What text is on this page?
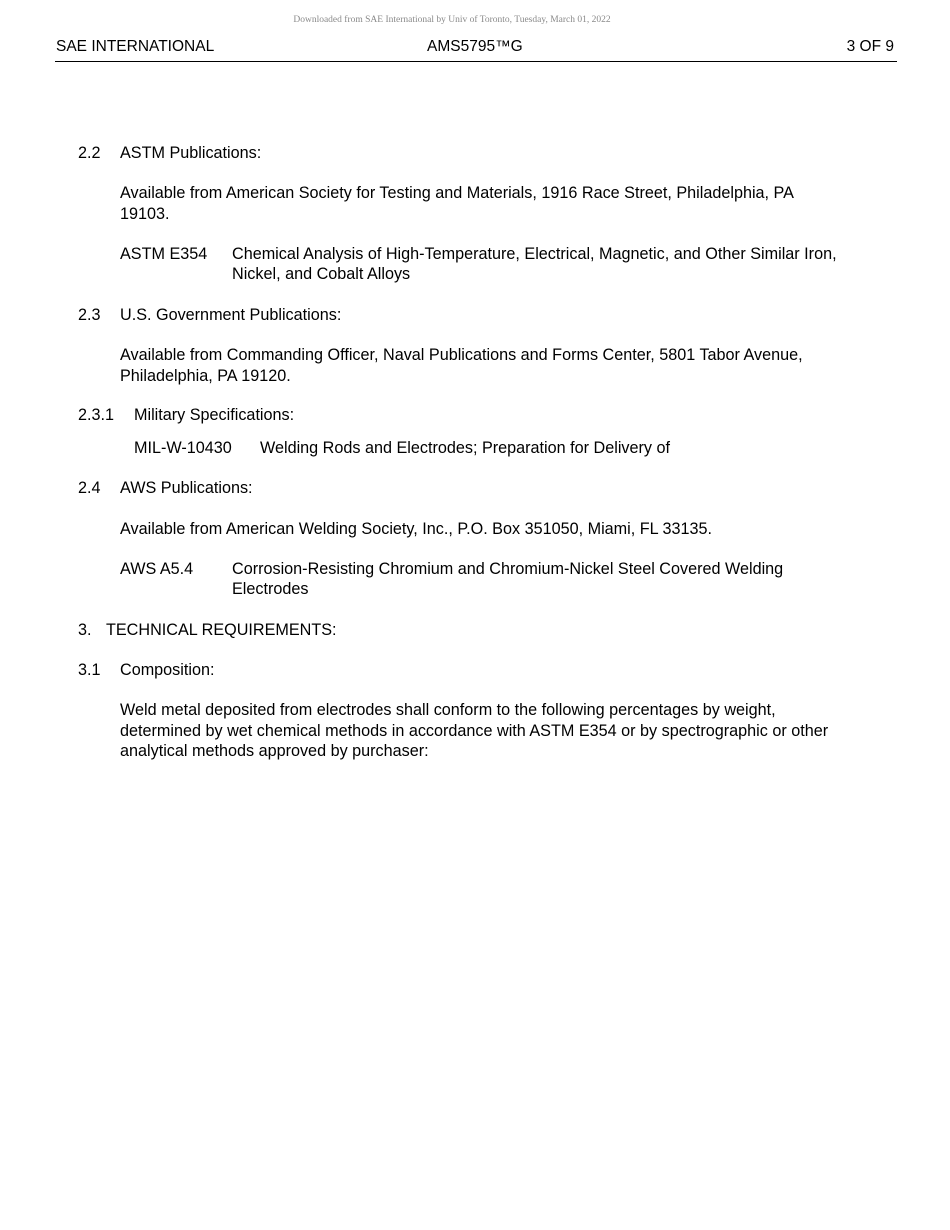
Downloaded from SAE International by Univ of Toronto, Tuesday, March 01, 2022
SAE INTERNATIONAL	AMS5795™G	3 OF 9
2.2 ASTM Publications:
Available from American Society for Testing and Materials, 1916 Race Street, Philadelphia, PA
19103.
ASTM E354 Chemical Analysis of High-Temperature, Electrical, Magnetic, and Other Similar Iron,
Nickel, and Cobalt Alloys
2.3 U.S. Government Publications:
Available from Commanding Officer, Naval Publications and Forms Center, 5801 Tabor Avenue,
Philadelphia, PA 19120.
2.3.1 Military Specifications:
MIL-W-10430 Welding Rods and Electrodes; Preparation for Delivery of
2.4 AWS Publications:
Available from American Welding Society, Inc., P.O. Box 351050, Miami, FL 33135.
AWS A5.4 Corrosion-Resisting Chromium and Chromium-Nickel Steel Covered Welding
Electrodes
3. TECHNICAL REQUIREMENTS:
3.1 Composition:
Weld metal deposited from electrodes shall conform to the following percentages by weight,
determined by wet chemical methods in accordance with ASTM E354 or by spectrographic or other
analytical methods approved by purchaser:
